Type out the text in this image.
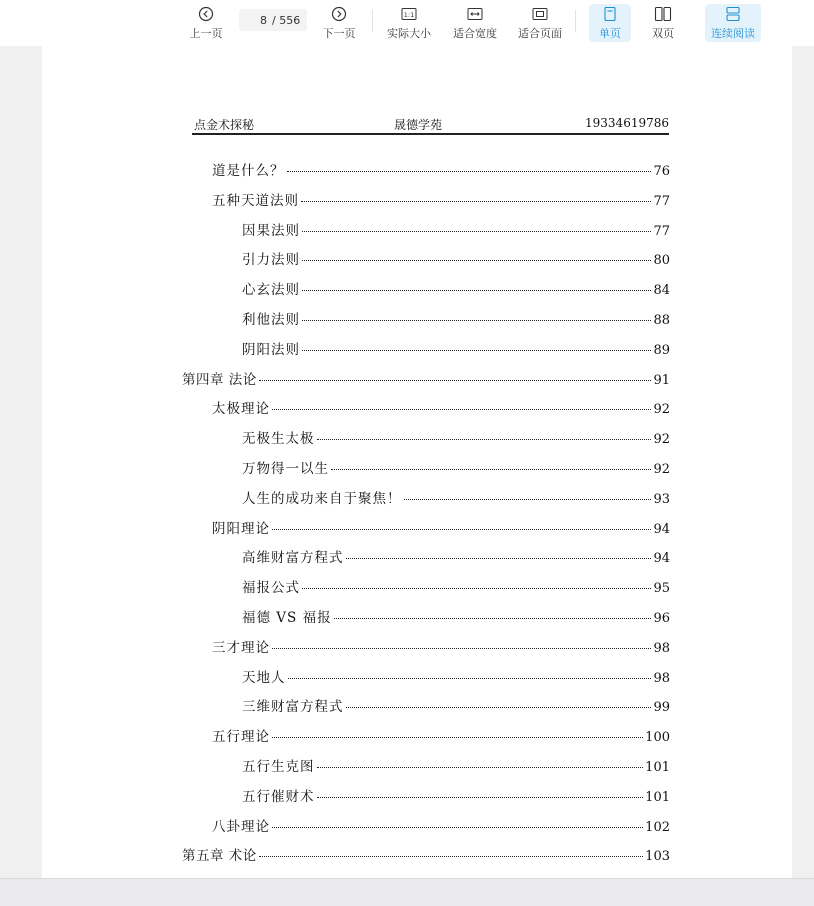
上一页
8
/ 556
下一页
1:1
实际大小 适合宽度 适合页面	单页	双页	连续阅读
点金术探秘	晟德学苑	19334619786
道是什么？	76
五种天道法则	77
因果法则	77
引力法则	80
心玄法则	84
利他法则	88
阴阳法则	89
第四章 法论	91
太极理论	92
无极生太极	92
万物得一以生	92
人生的成功来自于聚焦！	93
阴阳理论	94
高维财富方程式	94
福报公式	95
福德 VS 福报	96
三才理论	98
天地人	98
三维财富方程式	99
五行理论	100
五行生克图	101
五行催财术	101
八卦理论	102
第五章 术论	103
